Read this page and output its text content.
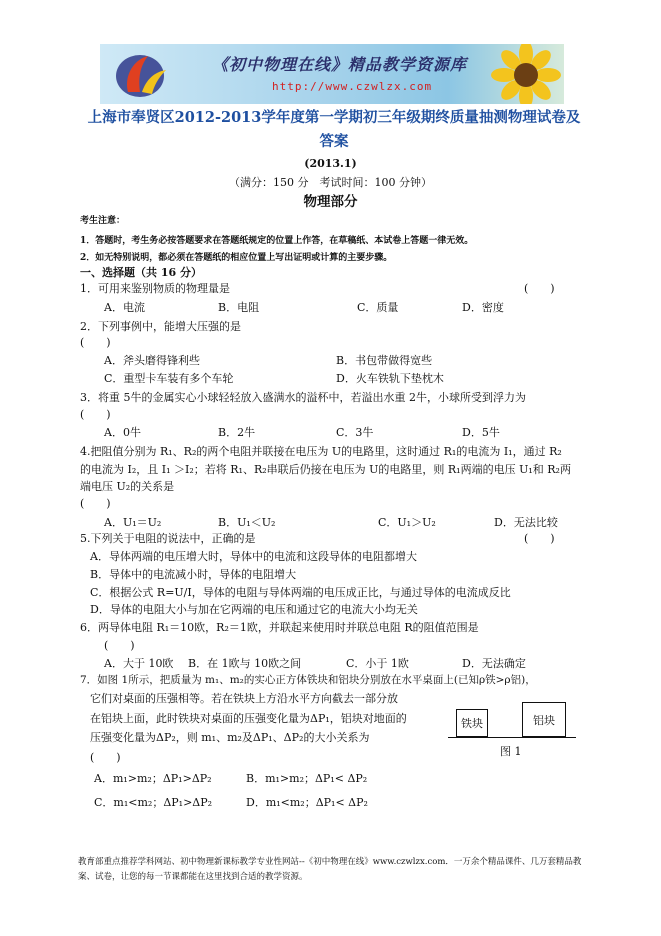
《初中物理在线》精品教学资源库
http://www.czwlzx.com
上海市奉贤区2012-2013学年度第一学期初三年级期终质量抽测物理试卷及答案
(2013.1)
（满分：150 分　考试时间：100 分钟）
物理部分
考生注意：
1．答题时，考生务必按答题要求在答题纸规定的位置上作答，在草稿纸、本试卷上答题一律无效。
2．如无特别说明，都必须在答题纸的相应位置上写出证明或计算的主要步骤。
一、选择题（共 16 分）
1．可用来鉴别物质的物理量是	(　　)
A．电流	B．电阻	C．质量	D．密度
2．下列事例中，能增大压强的是
(　　)
A．斧头磨得锋利些	B．书包带做得宽些
C．重型卡车装有多个车轮	D．火车铁轨下垫枕木
3．将重 5牛的金属实心小球轻轻放入盛满水的溢杯中，若溢出水重 2牛，小球所受到浮力为
(　　)
A．0牛	B．2牛	C．3牛	D．5牛
4.把阻值分别为 R₁、R₂的两个电阻并联接在电压为 U的电路里，这时通过 R₁的电流为 I₁，通过 R₂
的电流为 I₂，且 I₁ ＞I₂；若将 R₁、R₂串联后仍接在电压为 U的电路里，则 R₁两端的电压 U₁和 R₂两
端电压 U₂的关系是
(　　)
A．U₁＝U₂	B．U₁＜U₂	C．U₁＞U₂	D．无法比较
5.下列关于电阻的说法中，正确的是	(　　)
A．导体两端的电压增大时，导体中的电流和这段导体的电阻都增大
B．导体中的电流减小时，导体的电阻增大
C．根据公式 R=U/I，导体的电阻与导体两端的电压成正比，与通过导体的电流成反比
D．导体的电阻大小与加在它两端的电压和通过它的电流大小均无关
6．两导体电阻 R₁＝10欧，R₂＝1欧，并联起来使用时并联总电阻 R的阻值范围是
(　　)
A．大于 10欧 B．在 1欧与 10欧之间	C．小于 1欧	D．无法确定
7．如图 1所示，把质量为 m₁、m₂的实心正方体铁块和铝块分别放在水平桌面上(已知ρ铁>ρ铝)，
它们对桌面的压强相等。若在铁块上方沿水平方向截去一部分放
在铝块上面，此时铁块对桌面的压强变化量为ΔP₁，铝块对地面的
压强变化量为ΔP₂，则 m₁、m₂及ΔP₁、ΔP₂的大小关系为
(　　)
A．m₁>m₂；ΔP₁>ΔP₂	B．m₁>m₂；ΔP₁< ΔP₂
C．m₁<m₂；ΔP₁>ΔP₂	D．m₁<m₂；ΔP₁< ΔP₂
铁块	铝块
图 1
教育部重点推荐学科网站、初中物理新课标教学专业性网站--《初中物理在线》www.czwlzx.com．一万余个精品课件、几万套精品教案、试卷，让您的每一节课都能在这里找到合适的教学资源。
